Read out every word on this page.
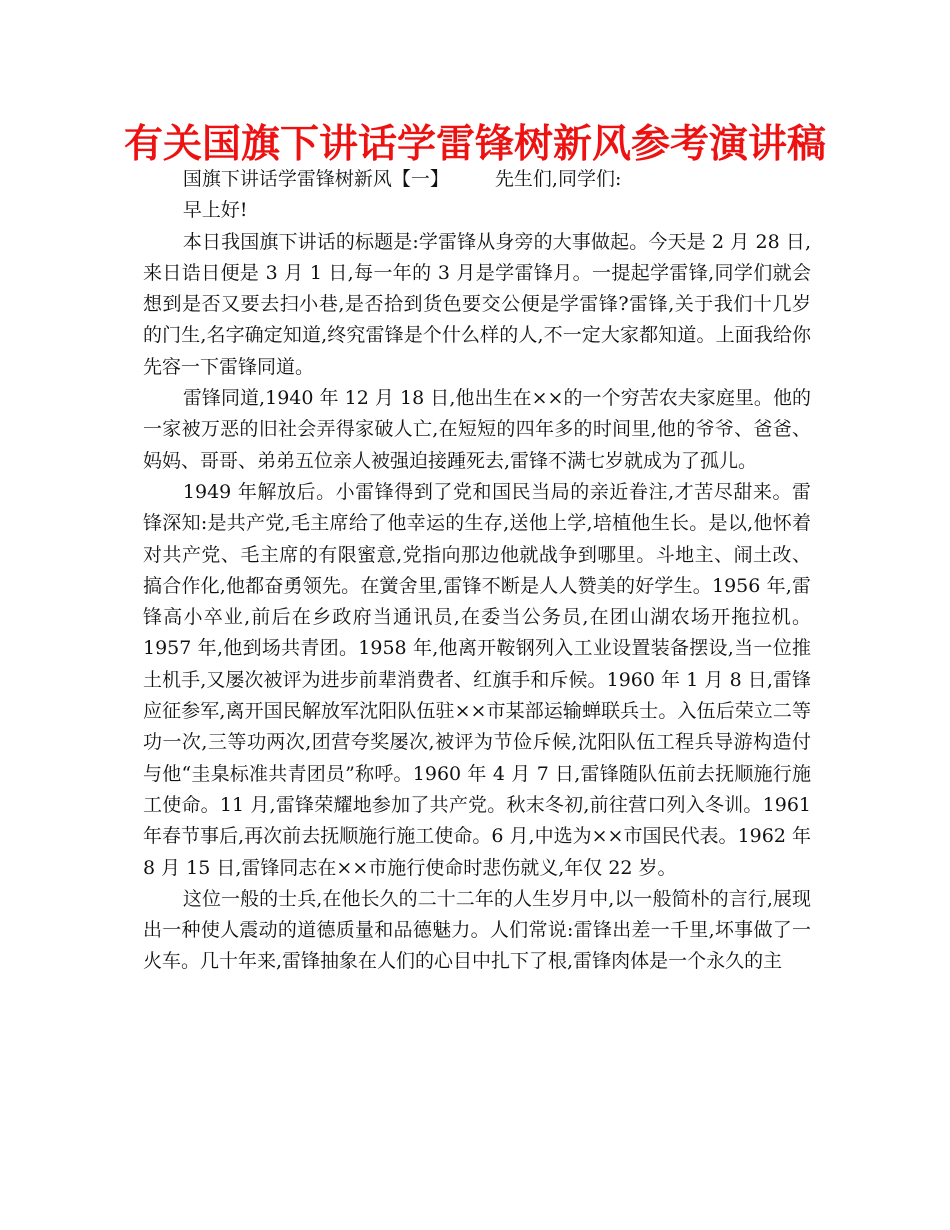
有关国旗下讲话学雷锋树新风参考演讲稿

国旗下讲话学雷锋树新风【一】 先生们,同学们:

早上好!

本日我国旗下讲话的标题是:学雷锋从身旁的大事做起。今天是 2 月 28 日,来日诰日便是 3 月 1 日,每一年的 3 月是学雷锋月。一提起学雷锋,同学们就会想到是否又要去扫小巷,是否拾到货色要交公便是学雷锋?雷锋,关于我们十几岁的门生,名字确定知道,终究雷锋是个什么样的人,不一定大家都知道。上面我给你先容一下雷锋同道。

雷锋同道,1940 年 12 月 18 日,他出生在××的一个穷苦农夫家庭里。他的一家被万恶的旧社会弄得家破人亡,在短短的四年多的时间里,他的爷爷、爸爸、妈妈、哥哥、弟弟五位亲人被强迫接踵死去,雷锋不满七岁就成为了孤儿。

1949 年解放后。小雷锋得到了党和国民当局的亲近眷注,才苦尽甜来。雷锋深知:是共产党,毛主席给了他幸运的生存,送他上学,培植他生长。是以,他怀着对共产党、毛主席的有限蜜意,党指向那边他就战争到哪里。斗地主、闹土改、搞合作化,他都奋勇领先。在黉舍里,雷锋不断是人人赞美的好学生。1956 年,雷锋高小卒业,前后在乡政府当通讯员,在委当公务员,在团山湖农场开拖拉机。1957 年,他到场共青团。1958 年,他离开鞍钢列入工业设置装备摆设,当一位推土机手,又屡次被评为进步前辈消费者、红旗手和斥候。1960 年 1 月 8 日,雷锋应征参军,离开国民解放军沈阳队伍驻××市某部运输蝉联兵士。入伍后荣立二等功一次,三等功两次,团营夸奖屡次,被评为节俭斥候,沈阳队伍工程兵导游构造付与他“圭臬标准共青团员”称呼。1960 年 4 月 7 日,雷锋随队伍前去抚顺施行施工使命。11 月,雷锋荣耀地参加了共产党。秋末冬初,前往营口列入冬训。1961 年春节事后,再次前去抚顺施行施工使命。6 月,中选为××市国民代表。1962 年 8 月 15 日,雷锋同志在××市施行使命时悲伤就义,年仅 22 岁。

这位一般的士兵,在他长久的二十二年的人生岁月中,以一般简朴的言行,展现出一种使人震动的道德质量和品德魅力。人们常说:雷锋出差一千里,坏事做了一火车。几十年来,雷锋抽象在人们的心目中扎下了根,雷锋肉体是一个永久的主
